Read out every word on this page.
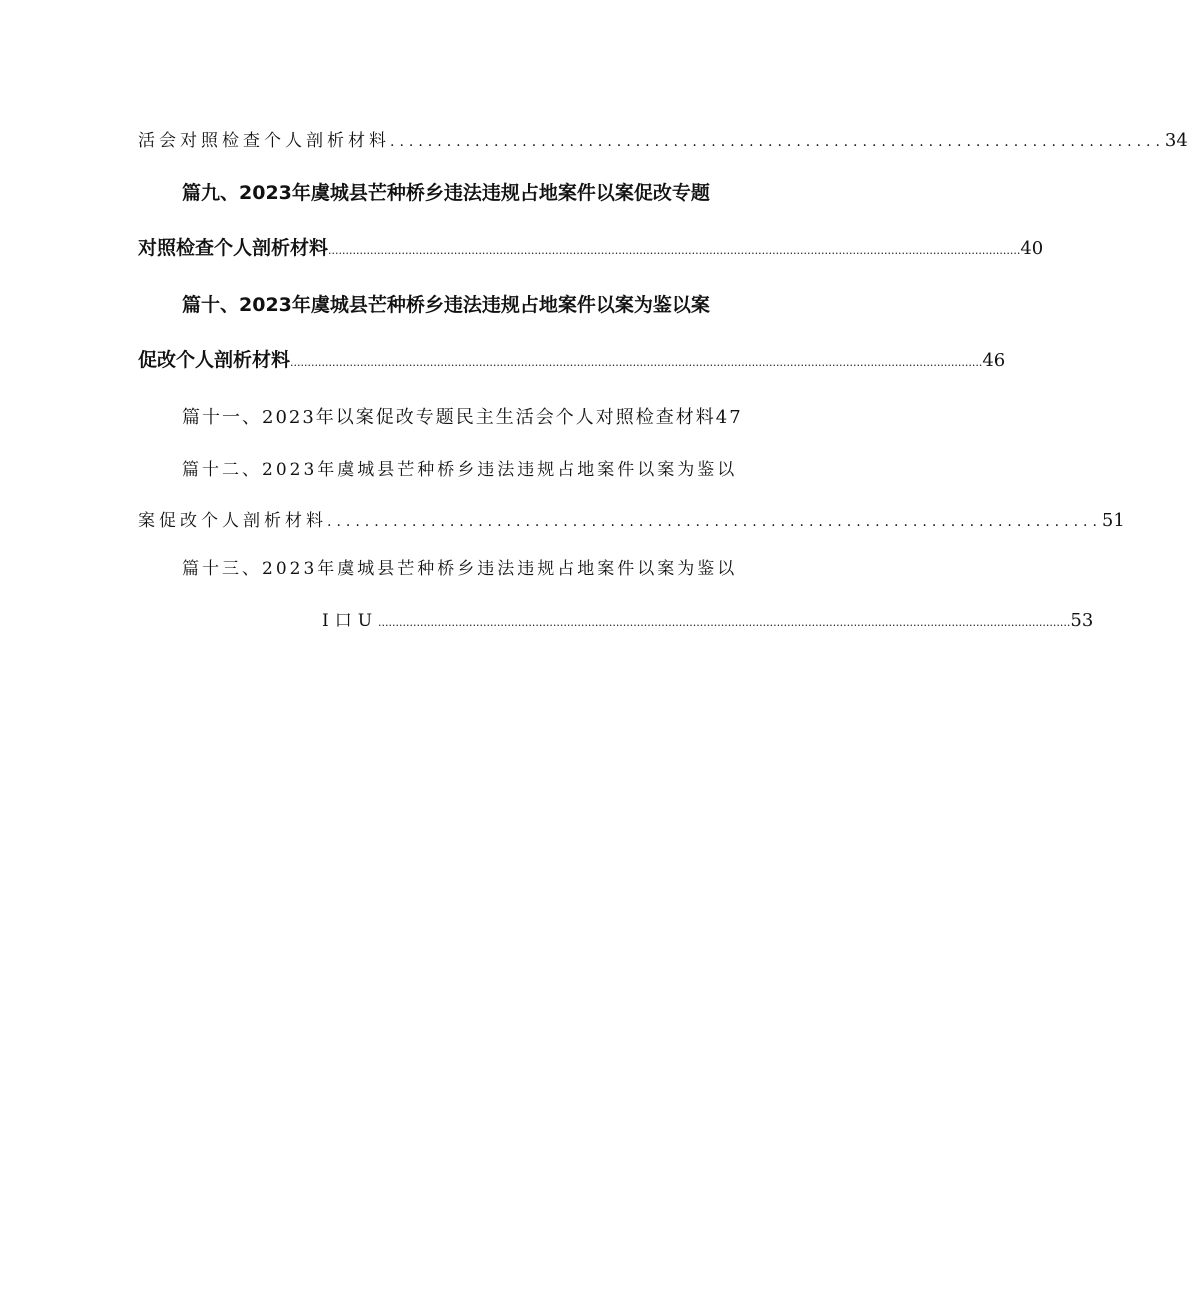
活会对照检查个人剖析材料 .................................................................................. 34
篇九、2023年虞城县芒种桥乡违法违规占地案件以案促改专题
对照检查个人剖析材料 ...................................................................................................................................................................................................... 40
篇十、2023年虞城县芒种桥乡违法违规占地案件以案为鉴以案
促改个人剖析材料 ...................................................................................................................................................................................................... 46
篇十一、2023年以案促改专题民主生活会个人对照检查材料47
篇十二、2023年虞城县芒种桥乡违法违规占地案件以案为鉴以
案促改个人剖析材料 .................................................................................. 51
篇十三、2023年虞城县芒种桥乡违法违规占地案件以案为鉴以
I口U ...................................................................................................................................................................................................... 53
